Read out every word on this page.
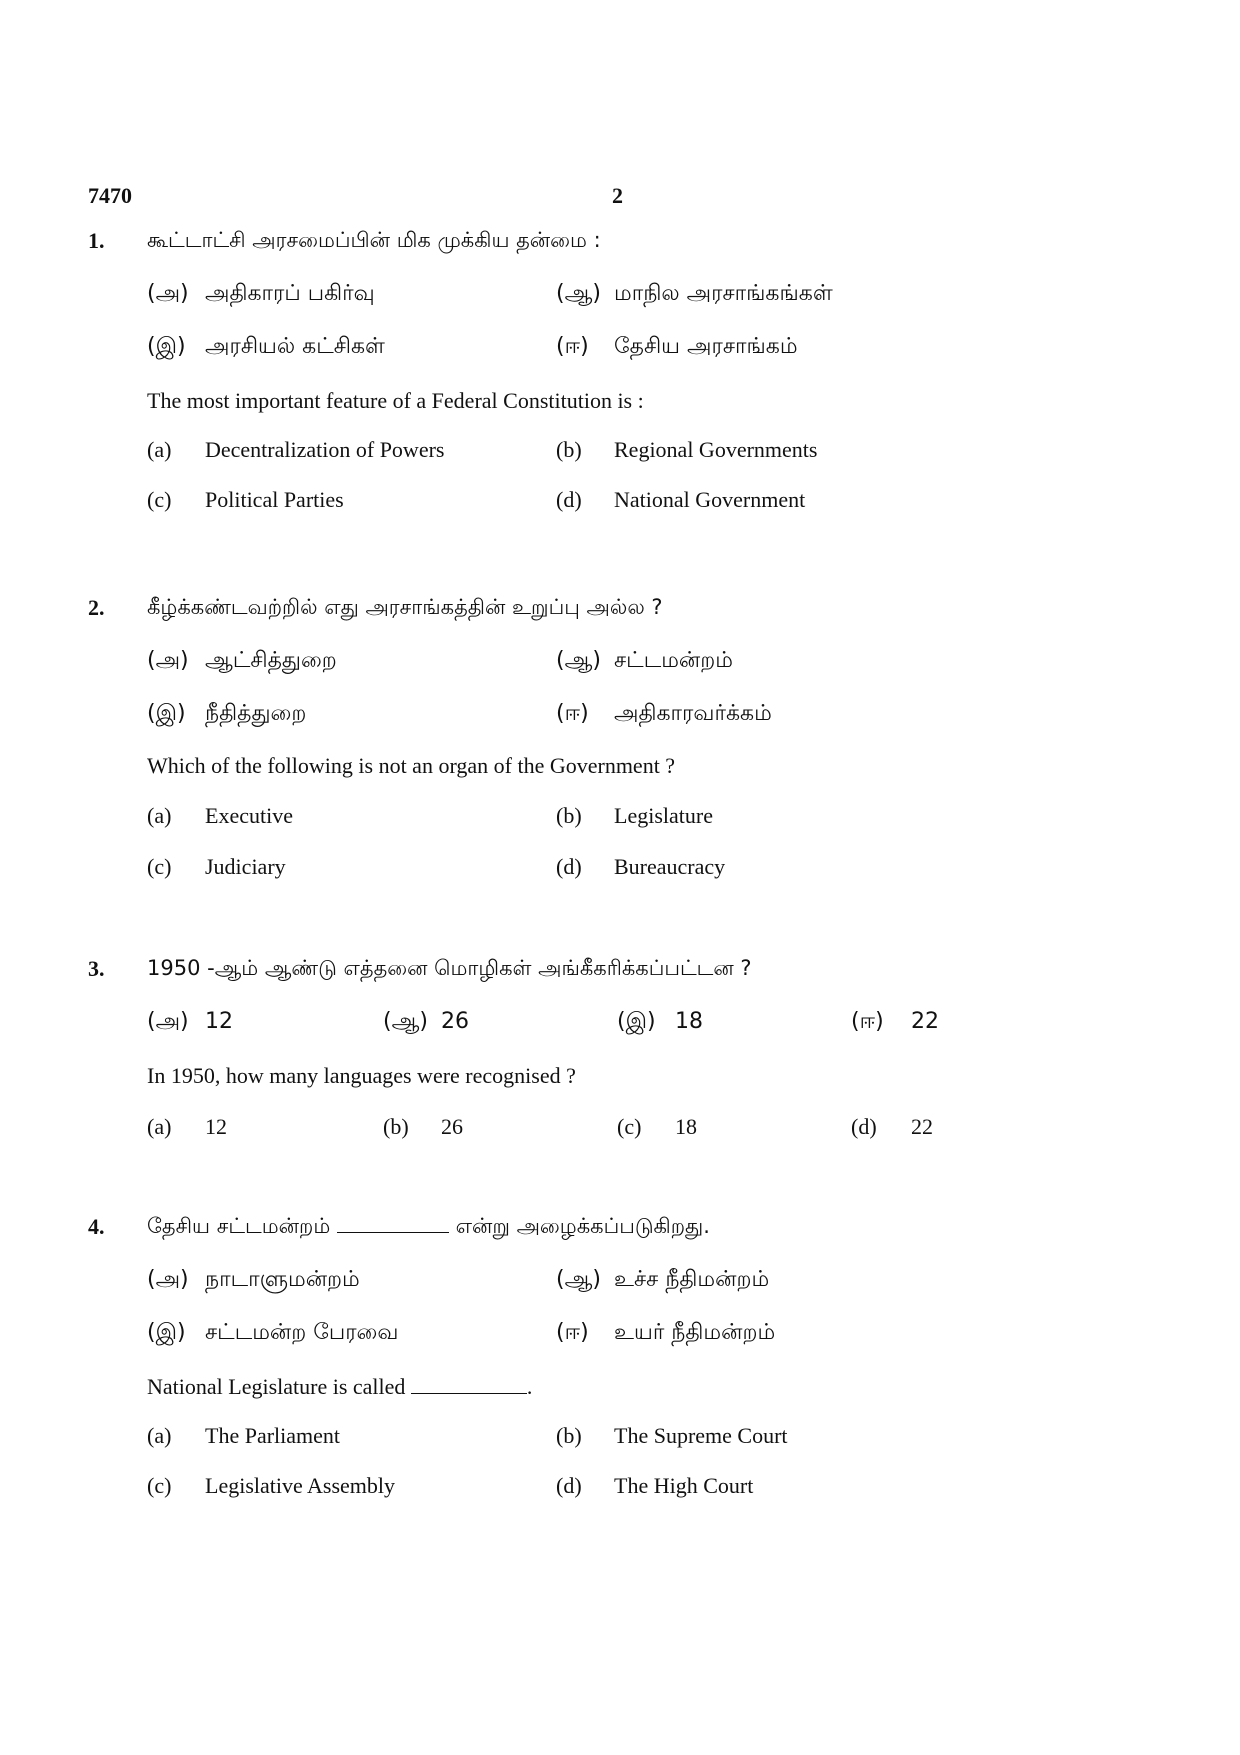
7470	2
1. கூட்டாட்சி அரசமைப்பின் மிக முக்கிய தன்மை :
(அ) அதிகாரப் பகிர்வு	(ஆ) மாநில அரசாங்கங்கள்
(இ) அரசியல் கட்சிகள்	(ஈ) தேசிய அரசாங்கம்
The most important feature of a Federal Constitution is :
(a) Decentralization of Powers	(b) Regional Governments
(c) Political Parties	(d) National Government
2. கீழ்க்கண்டவற்றில் எது அரசாங்கத்தின் உறுப்பு அல்ல ?
(அ) ஆட்சித்துறை	(ஆ) சட்டமன்றம்
(இ) நீதித்துறை	(ஈ) அதிகாரவர்க்கம்
Which of the following is not an organ of the Government ?
(a) Executive	(b) Legislature
(c) Judiciary	(d) Bureaucracy
3. 1950 -ஆம் ஆண்டு எத்தனை மொழிகள் அங்கீகரிக்கப்பட்டன ?
(அ) 12	(ஆ) 26	(இ) 18	(ஈ) 22
In 1950, how many languages were recognised ?
(a) 12	(b) 26	(c) 18	(d) 22
4. தேசிய சட்டமன்றம்	என்று அழைக்கப்படுகிறது.
(அ) நாடாளுமன்றம்	(ஆ) உச்ச நீதிமன்றம்
(இ) சட்டமன்ற பேரவை	(ஈ) உயர் நீதிமன்றம்
National Legislature is called	.
(a) The Parliament	(b) The Supreme Court
(c) Legislative Assembly	(d) The High Court
